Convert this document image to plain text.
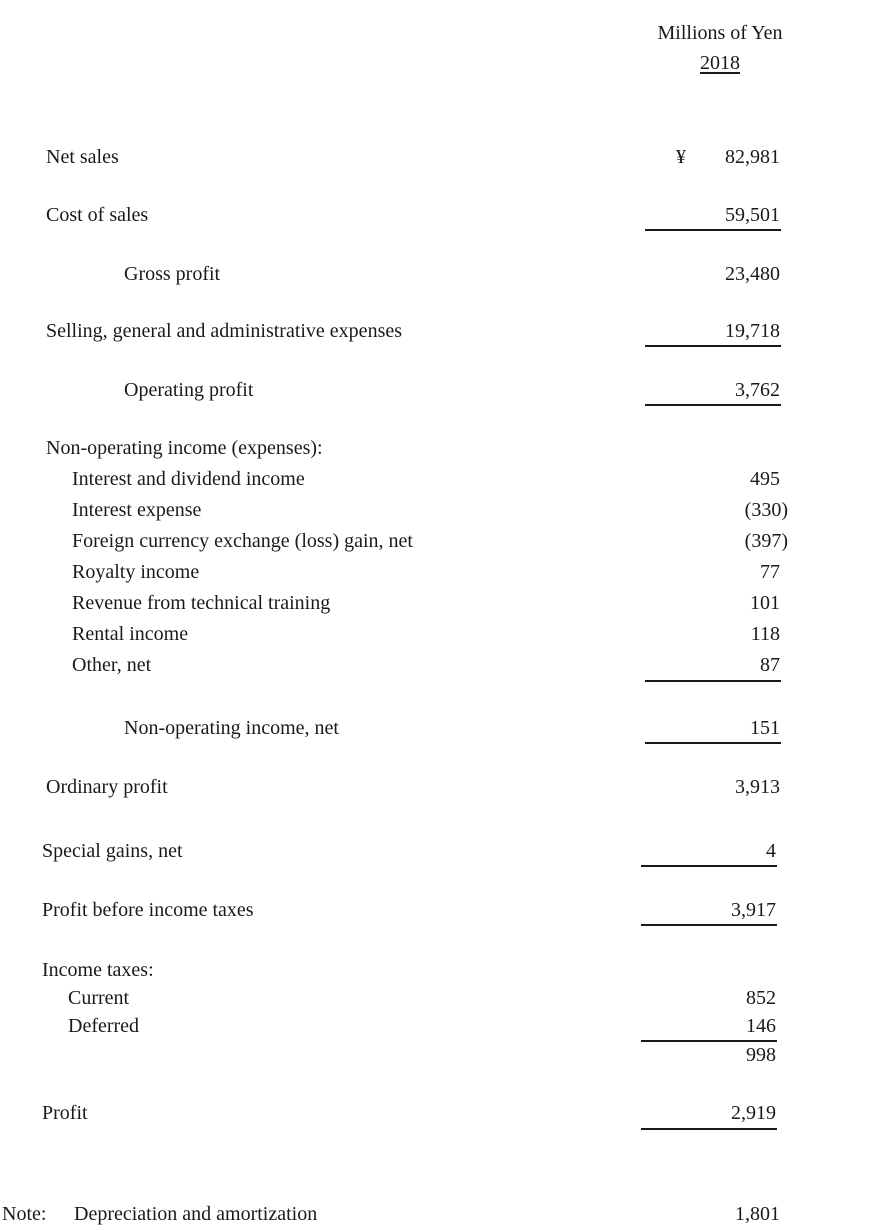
Millions of Yen
2018
Net sales	¥ 82,981
Cost of sales	59,501
Gross profit	23,480
Selling, general and administrative expenses	19,718
Operating profit	3,762
Non-operating income (expenses):
Interest and dividend income	495
Interest expense	(330)
Foreign currency exchange (loss) gain, net	(397)
Royalty income	77
Revenue from technical training	101
Rental income	118
Other, net	87
Non-operating income, net	151
Ordinary profit	3,913
Special gains, net	4
Profit before income taxes	3,917
Income taxes:
Current	852
Deferred	146
998
Profit	2,919
Note: Depreciation and amortization	1,801
